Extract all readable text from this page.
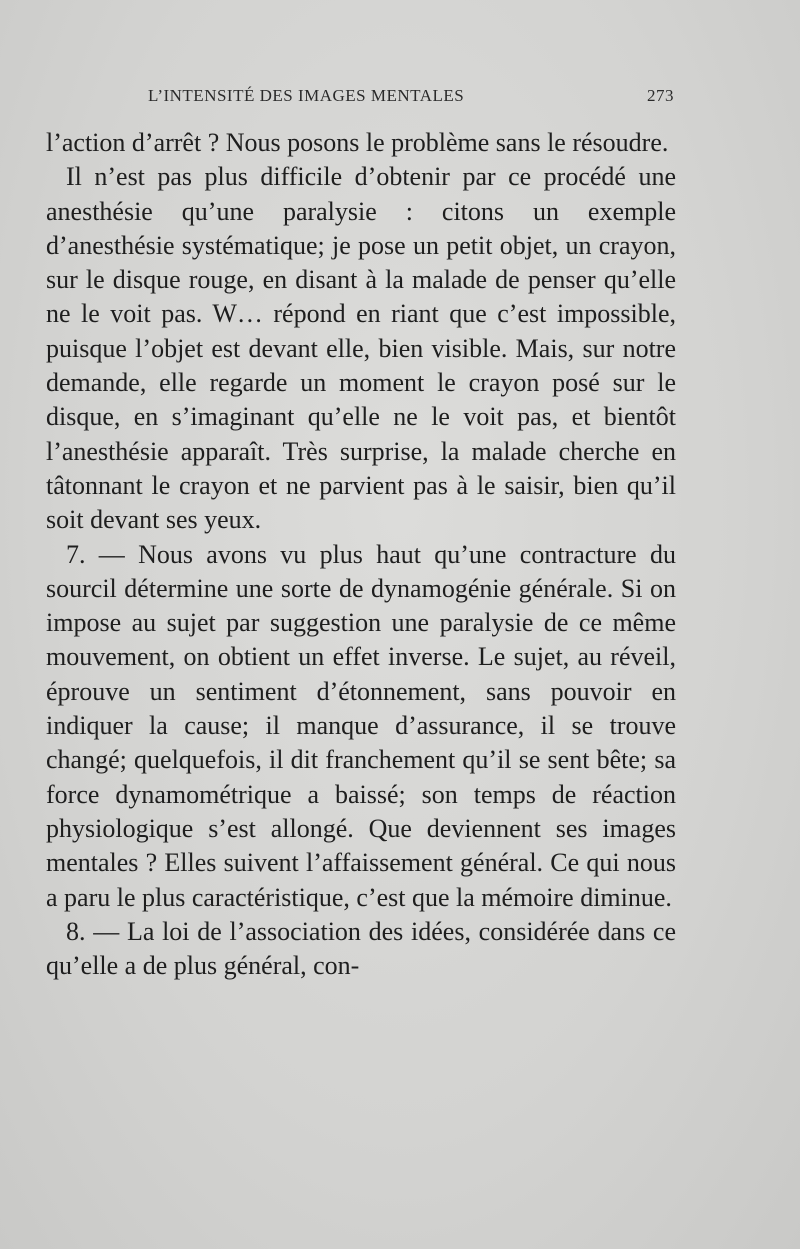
L’INTENSITÉ DES IMAGES MENTALES	273

l’action d’arrêt ? Nous posons le problème sans le résoudre.

Il n’est pas plus difficile d’obtenir par ce procédé une anesthésie qu’une paralysie : citons un exemple d’anesthésie systématique; je pose un petit objet, un crayon, sur le disque rouge, en disant à la malade de penser qu’elle ne le voit pas. W… répond en riant que c’est impossible, puisque l’objet est devant elle, bien visible. Mais, sur notre demande, elle regarde un moment le crayon posé sur le disque, en s’imaginant qu’elle ne le voit pas, et bientôt l’anesthésie apparaît. Très surprise, la malade cherche en tâtonnant le crayon et ne parvient pas à le saisir, bien qu’il soit devant ses yeux.

7. — Nous avons vu plus haut qu’une contracture du sourcil détermine une sorte de dynamogénie générale. Si on impose au sujet par suggestion une paralysie de ce même mouvement, on obtient un effet inverse. Le sujet, au réveil, éprouve un sentiment d’étonnement, sans pouvoir en indiquer la cause; il manque d’assurance, il se trouve changé; quelquefois, il dit franchement qu’il se sent bête; sa force dynamométrique a baissé; son temps de réaction physiologique s’est allongé. Que deviennent ses images mentales ? Elles suivent l’affaissement général. Ce qui nous a paru le plus caractéristique, c’est que la mémoire diminue.

8. — La loi de l’association des idées, considérée dans ce qu’elle a de plus général, con-
